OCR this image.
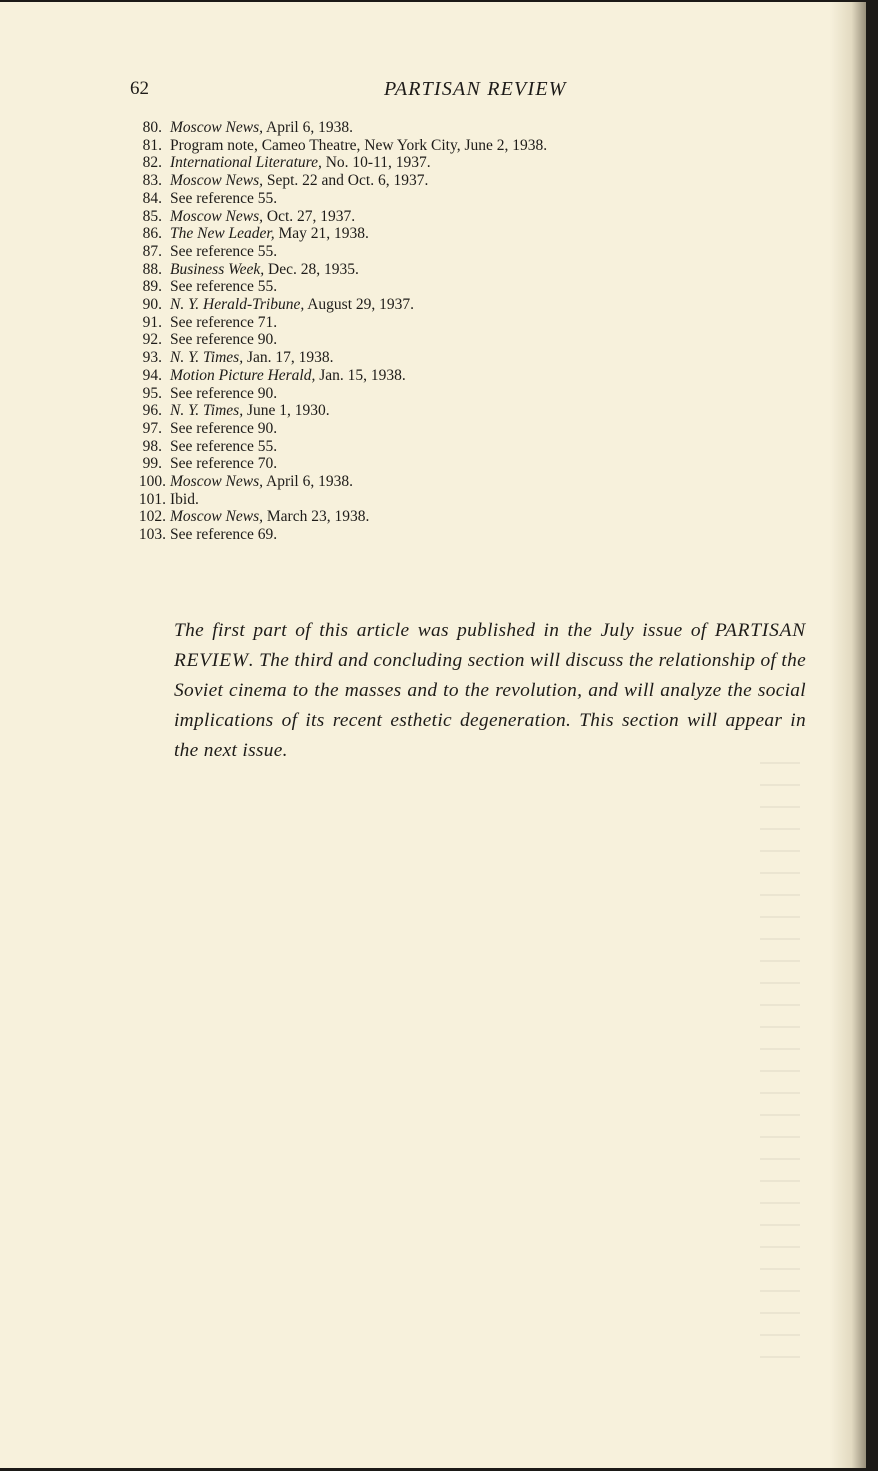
62	PARTISAN REVIEW
80. Moscow News, April 6, 1938.
81. Program note, Cameo Theatre, New York City, June 2, 1938.
82. International Literature, No. 10-11, 1937.
83. Moscow News, Sept. 22 and Oct. 6, 1937.
84. See reference 55.
85. Moscow News, Oct. 27, 1937.
86. The New Leader, May 21, 1938.
87. See reference 55.
88. Business Week, Dec. 28, 1935.
89. See reference 55.
90. N. Y. Herald-Tribune, August 29, 1937.
91. See reference 71.
92. See reference 90.
93. N. Y. Times, Jan. 17, 1938.
94. Motion Picture Herald, Jan. 15, 1938.
95. See reference 90.
96. N. Y. Times, June 1, 1930.
97. See reference 90.
98. See reference 55.
99. See reference 70.
100. Moscow News, April 6, 1938.
101. Ibid.
102. Moscow News, March 23, 1938.
103. See reference 69.

The first part of this article was published in the July issue of PARTISAN REVIEW. The third and concluding section will discuss the relationship of the Soviet cinema to the masses and to the revolution, and will analyze the social implications of its recent esthetic degeneration. This section will appear in the next issue.
